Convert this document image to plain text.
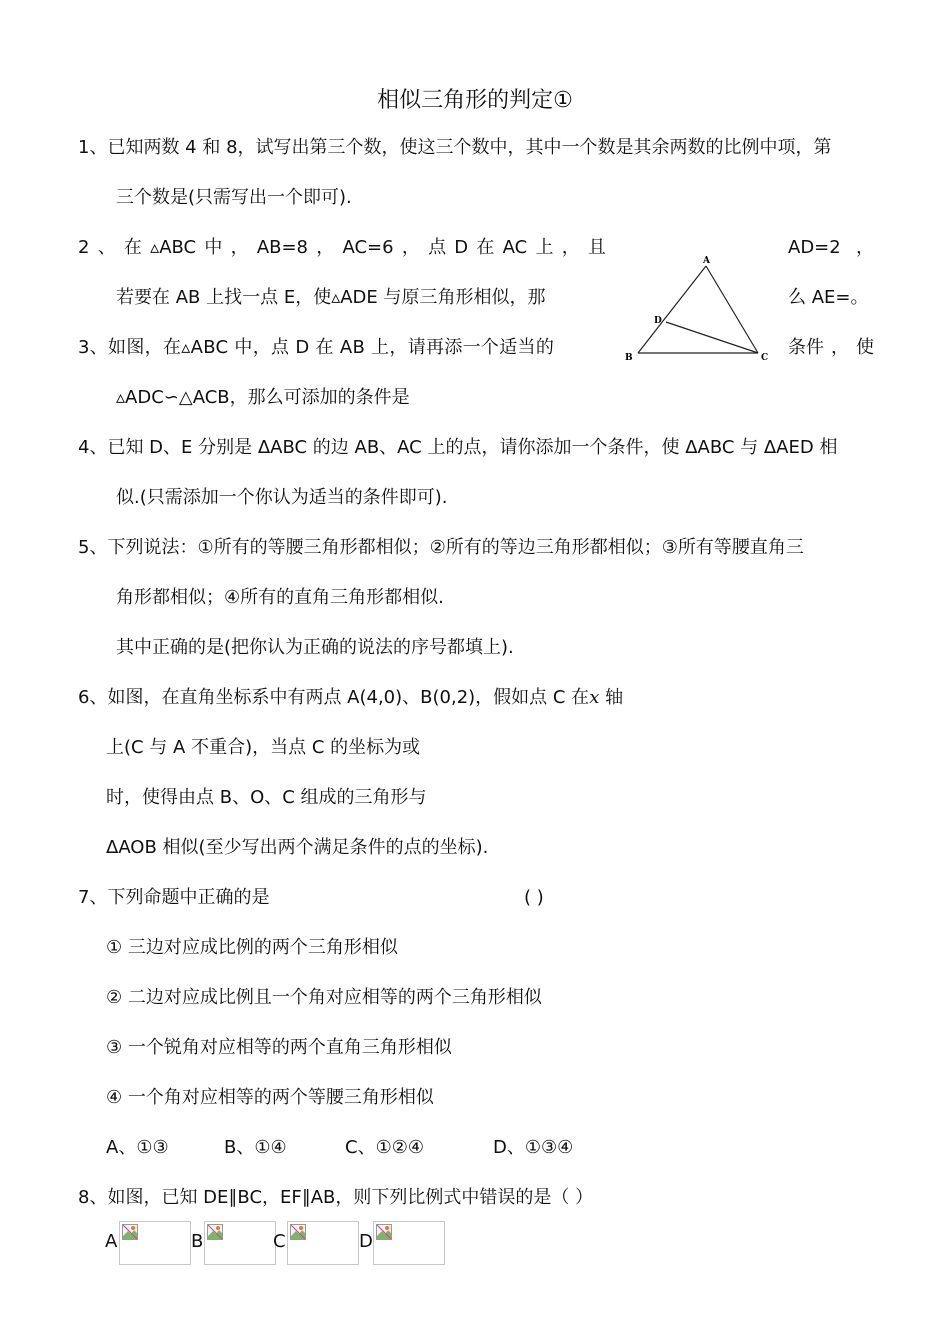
相似三角形的判定①
1、已知两数 4 和 8，试写出第三个数，使这三个数中，其中一个数是其余两数的比例中项，第
三个数是(只需写出一个即可).
2 、 在 ▵ABC 中 ， AB=8 ， AC=6 ， 点 D 在 AC 上 ， 且	AD=2 ，
若要在 AB 上找一点 E，使▵ADE 与原三角形相似，那	么 AE=。
3、如图，在▵ABC 中，点 D 在 AB 上，请再添一个适当的	条件 ， 使
▵ADC∽△ACB，那么可添加的条件是
A
B	C
D
4、已知 D、E 分别是 ΔABC 的边 AB、AC 上的点，请你添加一个条件，使 ΔABC 与 ΔAED 相
似.(只需添加一个你认为适当的条件即可).
5、下列说法：①所有的等腰三角形都相似；②所有的等边三角形都相似；③所有等腰直角三
角形都相似；④所有的直角三角形都相似.
其中正确的是(把你认为正确的说法的序号都填上).
6、如图，在直角坐标系中有两点 A(4,0)、B(0,2)，假如点 C 在x 轴
上(C 与 A 不重合)，当点 C 的坐标为或
时，使得由点 B、O、C 组成的三角形与
ΔAOB 相似(至少写出两个满足条件的点的坐标).
7、下列命题中正确的是	( )
① 三边对应成比例的两个三角形相似
② 二边对应成比例且一个角对应相等的两个三角形相似
③ 一个锐角对应相等的两个直角三角形相似
④ 一个角对应相等的两个等腰三角形相似
A、①③	B、①④	C、①②④	D、①③④
8、如图，已知 DE∥BC，EF∥AB，则下列比例式中错误的是（ ）
A	B	C	D
